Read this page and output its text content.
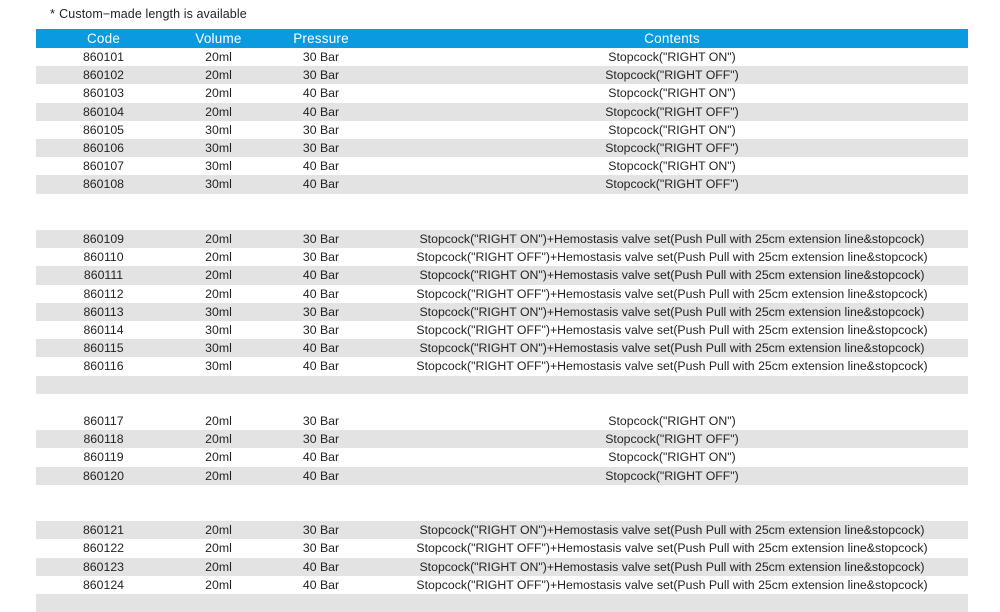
* Custom−made length is available
Code	Volume	Pressure	Contents
860101	20ml	30 Bar	Stopcock("RIGHT ON")
860102	20ml	30 Bar	Stopcock("RIGHT OFF")
860103	20ml	40 Bar	Stopcock("RIGHT ON")
860104	20ml	40 Bar	Stopcock("RIGHT OFF")
860105	30ml	30 Bar	Stopcock("RIGHT ON")
860106	30ml	30 Bar	Stopcock("RIGHT OFF")
860107	30ml	40 Bar	Stopcock("RIGHT ON")
860108	30ml	40 Bar	Stopcock("RIGHT OFF")

860109	20ml	30 Bar	Stopcock("RIGHT ON")+Hemostasis valve set(Push Pull with 25cm extension line&stopcock)
860110	20ml	30 Bar	Stopcock("RIGHT OFF")+Hemostasis valve set(Push Pull with 25cm extension line&stopcock)
860111	20ml	40 Bar	Stopcock("RIGHT ON")+Hemostasis valve set(Push Pull with 25cm extension line&stopcock)
860112	20ml	40 Bar	Stopcock("RIGHT OFF")+Hemostasis valve set(Push Pull with 25cm extension line&stopcock)
860113	30ml	30 Bar	Stopcock("RIGHT ON")+Hemostasis valve set(Push Pull with 25cm extension line&stopcock)
860114	30ml	30 Bar	Stopcock("RIGHT OFF")+Hemostasis valve set(Push Pull with 25cm extension line&stopcock)
860115	30ml	40 Bar	Stopcock("RIGHT ON")+Hemostasis valve set(Push Pull with 25cm extension line&stopcock)
860116	30ml	40 Bar	Stopcock("RIGHT OFF")+Hemostasis valve set(Push Pull with 25cm extension line&stopcock)

860117	20ml	30 Bar	Stopcock("RIGHT ON")
860118	20ml	30 Bar	Stopcock("RIGHT OFF")
860119	20ml	40 Bar	Stopcock("RIGHT ON")
860120	20ml	40 Bar	Stopcock("RIGHT OFF")

860121	20ml	30 Bar	Stopcock("RIGHT ON")+Hemostasis valve set(Push Pull with 25cm extension line&stopcock)
860122	20ml	30 Bar	Stopcock("RIGHT OFF")+Hemostasis valve set(Push Pull with 25cm extension line&stopcock)
860123	20ml	40 Bar	Stopcock("RIGHT ON")+Hemostasis valve set(Push Pull with 25cm extension line&stopcock)
860124	20ml	40 Bar	Stopcock("RIGHT OFF")+Hemostasis valve set(Push Pull with 25cm extension line&stopcock)
